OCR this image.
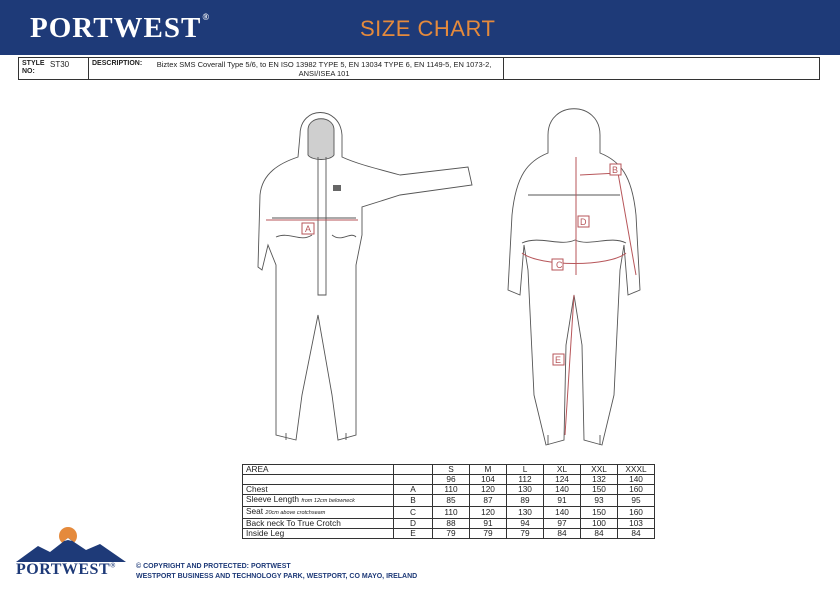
PORTWEST®	SIZE CHART
STYLE NO:
ST30	DESCRIPTION:	Biztex SMS Coverall Type 5/6, to EN ISO 13982 TYPE 5, EN 13034 TYPE 6, EN 1149-5, EN 1073-2, ANSI/ISEA 101
A
B
C
D
E
AREA		S	M	L	XL	XXL	XXXL
		96	104	112	124	132	140
Chest	A	110	120	130	140	150	160
Sleeve Length from 12cm belowneck	B	85	87	89	91	93	95
Seat 20cm above crotchseam	C	110	120	130	140	150	160
Back neck To True Crotch	D	88	91	94	97	100	103
Inside Leg	E	79	79	79	84	84	84
PORTWEST®	© COPYRIGHT AND PROTECTED: PORTWEST
WESTPORT BUSINESS AND TECHNOLOGY PARK, WESTPORT, CO MAYO, IRELAND
